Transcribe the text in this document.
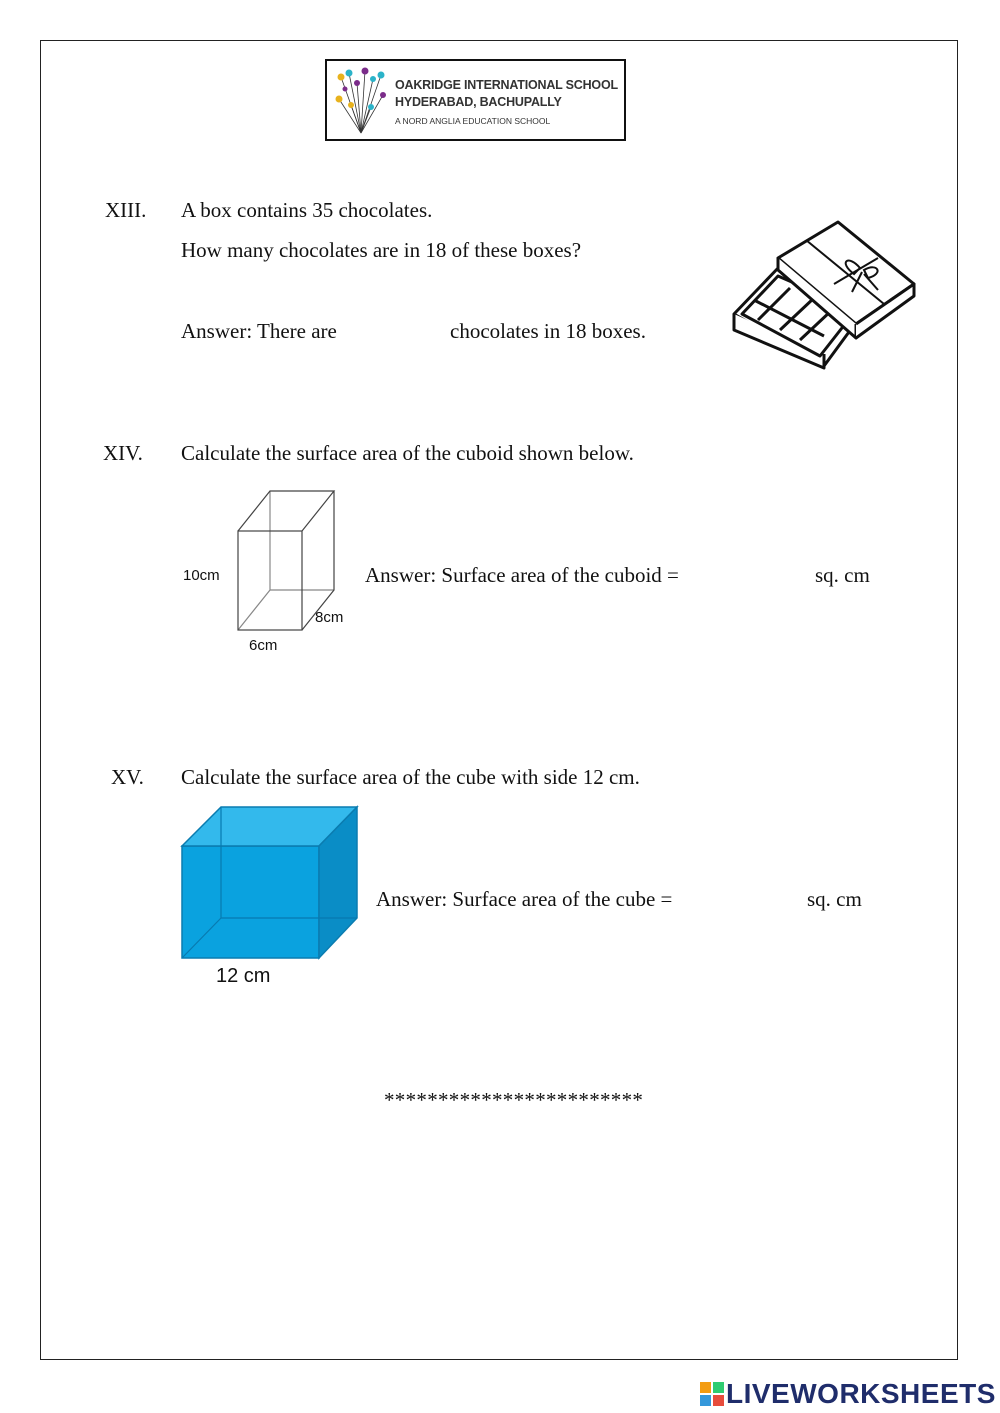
OAKRIDGE INTERNATIONAL SCHOOL
HYDERABAD, BACHUPALLY
A NORD ANGLIA EDUCATION SCHOOL
XIII. A box contains 35 chocolates.
How many chocolates are in 18 of these boxes?
Answer: There are	chocolates in 18 boxes.
XIV. Calculate the surface area of the cuboid shown below.
10cm
8cm
6cm
Answer: Surface area of the cuboid =	sq. cm
XV. Calculate the surface area of the cube with side 12 cm.
12 cm
Answer: Surface area of the cube =	sq. cm
************************
LIVEWORKSHEETS
